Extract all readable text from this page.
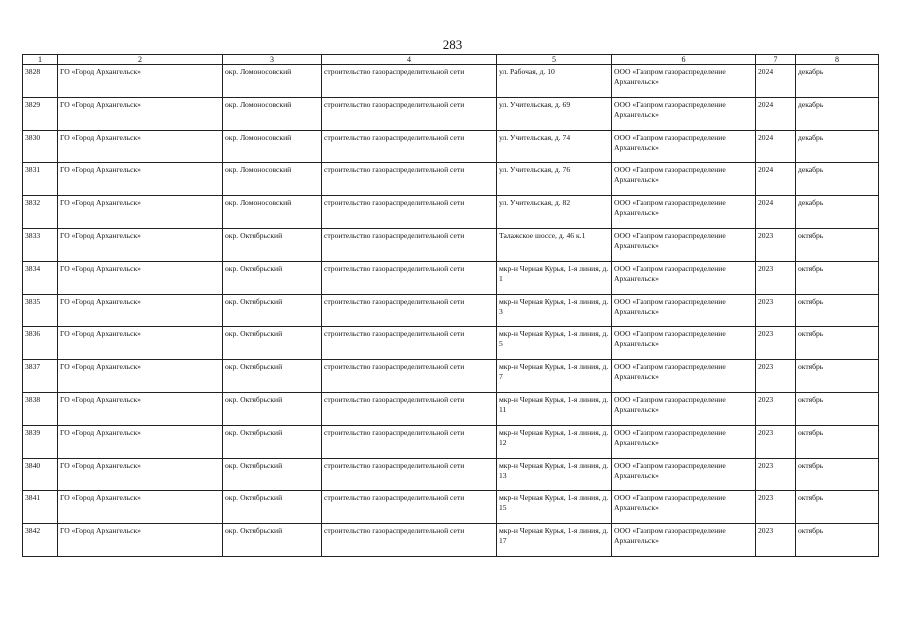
283
1	2	3	4	5	6	7	8
3828	ГО «Город Архангельск»	окр. Ломоносовский	строительство газораспределительной сети	ул. Рабочая, д. 10	ООО «Газпром газораспределение Архангельск»	2024	декабрь
3829	ГО «Город Архангельск»	окр. Ломоносовский	строительство газораспределительной сети	ул. Учительская, д. 69	ООО «Газпром газораспределение Архангельск»	2024	декабрь
3830	ГО «Город Архангельск»	окр. Ломоносовский	строительство газораспределительной сети	ул. Учительская, д. 74	ООО «Газпром газораспределение Архангельск»	2024	декабрь
3831	ГО «Город Архангельск»	окр. Ломоносовский	строительство газораспределительной сети	ул. Учительская, д. 76	ООО «Газпром газораспределение Архангельск»	2024	декабрь
3832	ГО «Город Архангельск»	окр. Ломоносовский	строительство газораспределительной сети	ул. Учительская, д. 82	ООО «Газпром газораспределение Архангельск»	2024	декабрь
3833	ГО «Город Архангельск»	окр. Октябрьский	строительство газораспределительной сети	Талажское шоссе, д. 46 к.1	ООО «Газпром газораспределение Архангельск»	2023	октябрь
3834	ГО «Город Архангельск»	окр. Октябрьский	строительство газораспределительной сети	мкр-н Черная Курья, 1-я линия, д. 1	ООО «Газпром газораспределение Архангельск»	2023	октябрь
3835	ГО «Город Архангельск»	окр. Октябрьский	строительство газораспределительной сети	мкр-н Черная Курья, 1-я линия, д. 3	ООО «Газпром газораспределение Архангельск»	2023	октябрь
3836	ГО «Город Архангельск»	окр. Октябрьский	строительство газораспределительной сети	мкр-н Черная Курья, 1-я линия, д. 5	ООО «Газпром газораспределение Архангельск»	2023	октябрь
3837	ГО «Город Архангельск»	окр. Октябрьский	строительство газораспределительной сети	мкр-н Черная Курья, 1-я линия, д. 7	ООО «Газпром газораспределение Архангельск»	2023	октябрь
3838	ГО «Город Архангельск»	окр. Октябрьский	строительство газораспределительной сети	мкр-н Черная Курья, 1-я линия, д. 11	ООО «Газпром газораспределение Архангельск»	2023	октябрь
3839	ГО «Город Архангельск»	окр. Октябрьский	строительство газораспределительной сети	мкр-н Черная Курья, 1-я линия, д. 12	ООО «Газпром газораспределение Архангельск»	2023	октябрь
3840	ГО «Город Архангельск»	окр. Октябрьский	строительство газораспределительной сети	мкр-н Черная Курья, 1-я линия, д. 13	ООО «Газпром газораспределение Архангельск»	2023	октябрь
3841	ГО «Город Архангельск»	окр. Октябрьский	строительство газораспределительной сети	мкр-н Черная Курья, 1-я линия, д. 15	ООО «Газпром газораспределение Архангельск»	2023	октябрь
3842	ГО «Город Архангельск»	окр. Октябрьский	строительство газораспределительной сети	мкр-н Черная Курья, 1-я линия, д. 17	ООО «Газпром газораспределение Архангельск»	2023	октябрь
